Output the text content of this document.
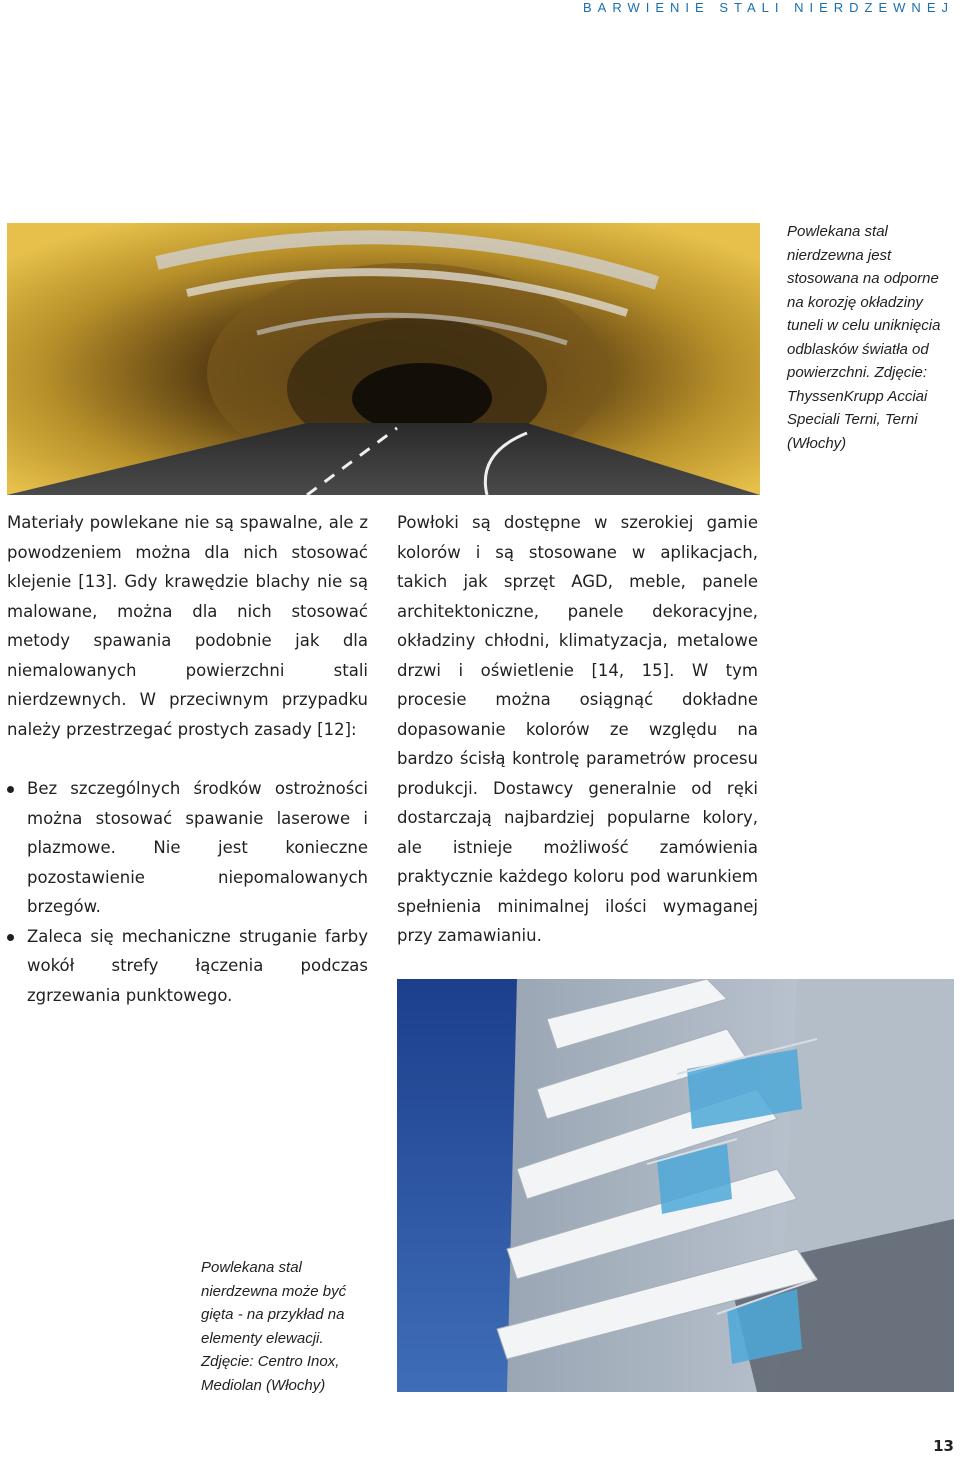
BARWIENIE STALI NIERDZEWNEJ
Powlekana stal nierdzewna jest stosowana na odporne na korozję okładziny tuneli w celu uniknięcia odblasków światła od powierzchni. Zdjęcie: ThyssenKrupp Acciai Speciali Terni, Terni (Włochy)

Materiały powlekane nie są spawalne, ale z powodzeniem można dla nich stosować klejenie [13]. Gdy krawędzie blachy nie są malowane, można dla nich stosować metody spawania podobnie jak dla niemalowanych powierzchni stali nierdzewnych. W przeciwnym przypadku należy przestrzegać prostych zasady [12]:

Bez szczególnych środków ostrożności można stosować spawanie laserowe i plazmowe. Nie jest konieczne pozostawienie niepomalowanych brzegów.
Zaleca się mechaniczne struganie farby wokół strefy łączenia podczas zgrzewania punktowego.

Powłoki są dostępne w szerokiej gamie kolorów i są stosowane w aplikacjach, takich jak sprzęt AGD, meble, panele architektoniczne, panele dekoracyjne, okładziny chłodni, klimatyzacja, metalowe drzwi i oświetlenie [14, 15]. W tym procesie można osiągnąć dokładne dopasowanie kolorów ze względu na bardzo ścisłą kontrolę parametrów procesu produkcji. Dostawcy generalnie od ręki dostarczają najbardziej popularne kolory, ale istnieje możliwość zamówienia praktycznie każdego koloru pod warunkiem spełnienia minimalnej ilości wymaganej przy zamawianiu.

Powlekana stal nierdzewna może być gięta - na przykład na elementy elewacji. Zdjęcie: Centro Inox, Mediolan (Włochy)
13
